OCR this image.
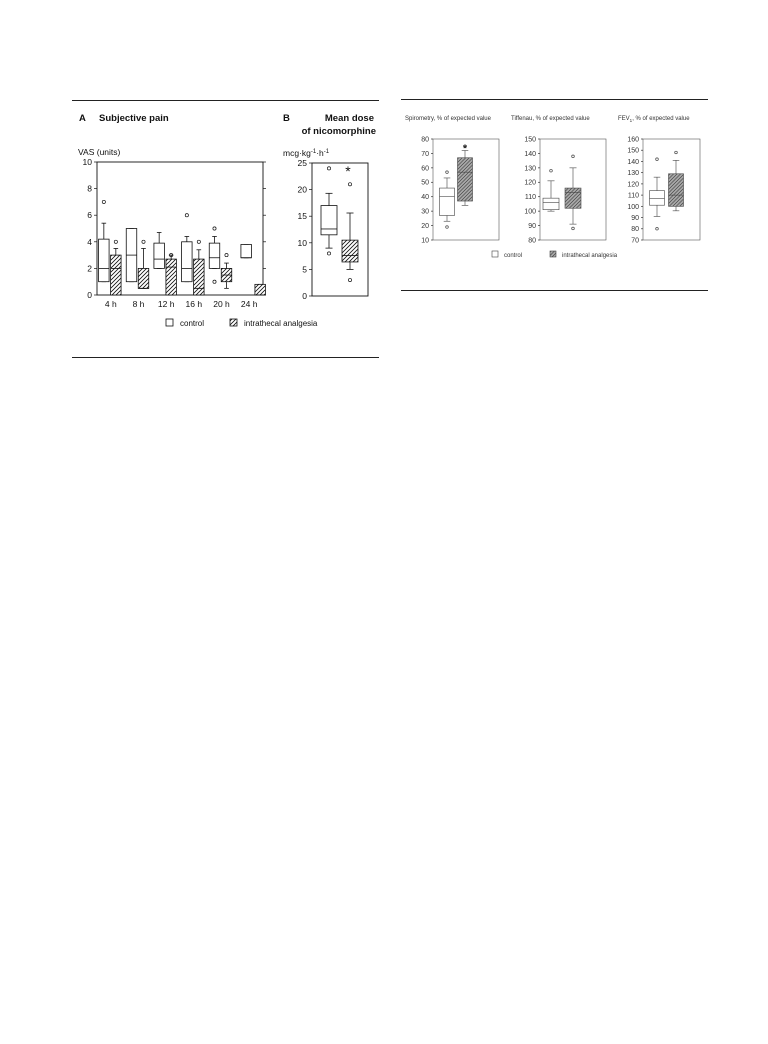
A Subjective pain
VAS (units)
0
2
4
6
8
10
4 h 8 h 12 h 16 h 20 h 24 h
B	Mean dose
of nicomorphine
$mcg\cdot kg^{-1}\cdot h^{-1}$
0
5
10
15
20
25
*
control	intrathecal analgesia
Spirometry, % of expected value	Tiffenau, % of expected value	$FEV_1$, % of expected value
10
20
30
40
50
60
70
80
*
80
90
100
110
120
130
140
150
70
80
90
100
110
120
130
140
150
160
control	intrathecal analgesia
